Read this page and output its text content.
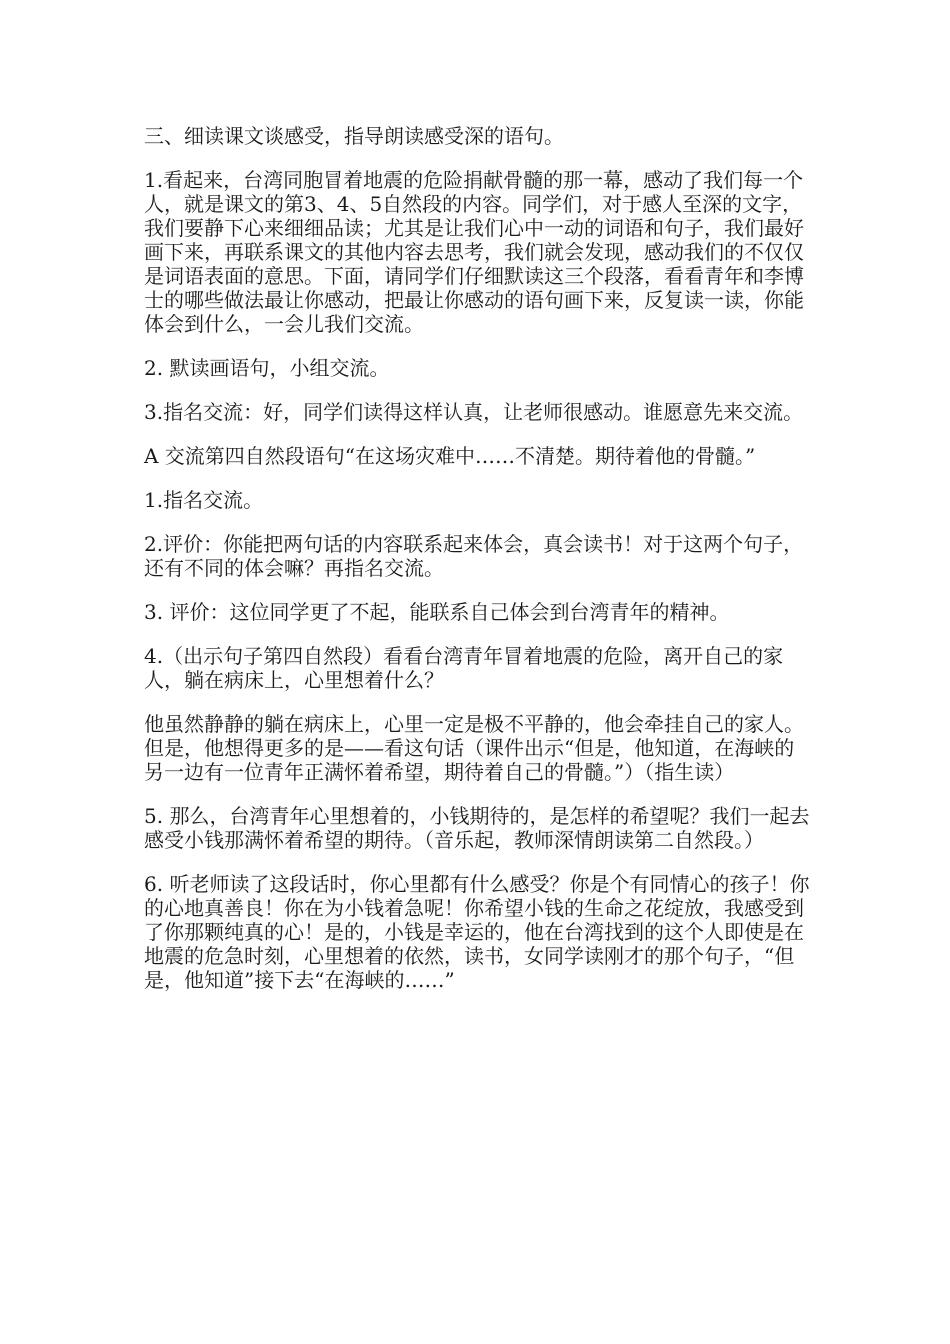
三、细读课文谈感受，指导朗读感受深的语句。

1.看起来，台湾同胞冒着地震的危险捐献骨髓的那一幕，感动了我们每一个人，就是课文的第3、4、5自然段的内容。同学们，对于感人至深的文字，我们要静下心来细细品读；尤其是让我们心中一动的词语和句子，我们最好画下来，再联系课文的其他内容去思考，我们就会发现，感动我们的不仅仅是词语表面的意思。下面，请同学们仔细默读这三个段落，看看青年和李博士的哪些做法最让你感动，把最让你感动的语句画下来，反复读一读，你能体会到什么，一会儿我们交流。

2. 默读画语句，小组交流。

3.指名交流：好，同学们读得这样认真，让老师很感动。谁愿意先来交流。

A 交流第四自然段语句“在这场灾难中……不清楚。期待着他的骨髓。”

1.指名交流。

2.评价：你能把两句话的内容联系起来体会，真会读书！对于这两个句子，还有不同的体会嘛？再指名交流。

3. 评价：这位同学更了不起，能联系自己体会到台湾青年的精神。

4.（出示句子第四自然段）看看台湾青年冒着地震的危险，离开自己的家人，躺在病床上，心里想着什么？

他虽然静静的躺在病床上，心里一定是极不平静的，他会牵挂自己的家人。但是，他想得更多的是——看这句话（课件出示“但是，他知道，在海峡的另一边有一位青年正满怀着希望，期待着自己的骨髓。”）（指生读）

5. 那么，台湾青年心里想着的，小钱期待的，是怎样的希望呢？我们一起去感受小钱那满怀着希望的期待。（音乐起，教师深情朗读第二自然段。）

6. 听老师读了这段话时，你心里都有什么感受？你是个有同情心的孩子！你的心地真善良！你在为小钱着急呢！你希望小钱的生命之花绽放，我感受到了你那颗纯真的心！是的，小钱是幸运的，他在台湾找到的这个人即使是在地震的危急时刻，心里想着的依然，读书，女同学读刚才的那个句子，“但是，他知道”接下去“在海峡的……”
